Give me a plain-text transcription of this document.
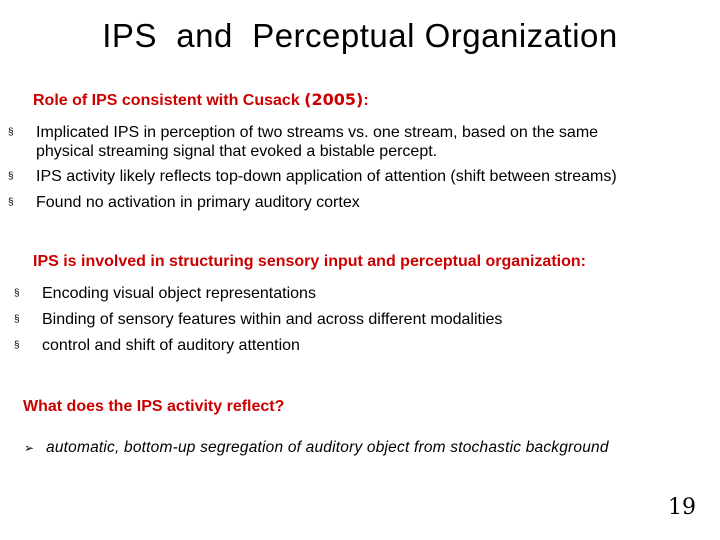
IPS  and  Perceptual Organization
Role of IPS consistent with Cusack (2005):
§	Implicated IPS in perception of two streams vs. one stream, based on the same
physical streaming signal that evoked a bistable percept.
§	IPS activity likely reflects top-down application of attention (shift between streams)
§	Found no activation in primary auditory cortex
IPS is involved in structuring sensory input and perceptual organization:
§	Encoding visual object representations
§	Binding of sensory features within and across different modalities
§	control and shift of auditory attention
What does the IPS activity reflect?
➢ automatic, bottom-up segregation of auditory object from stochastic background
19
